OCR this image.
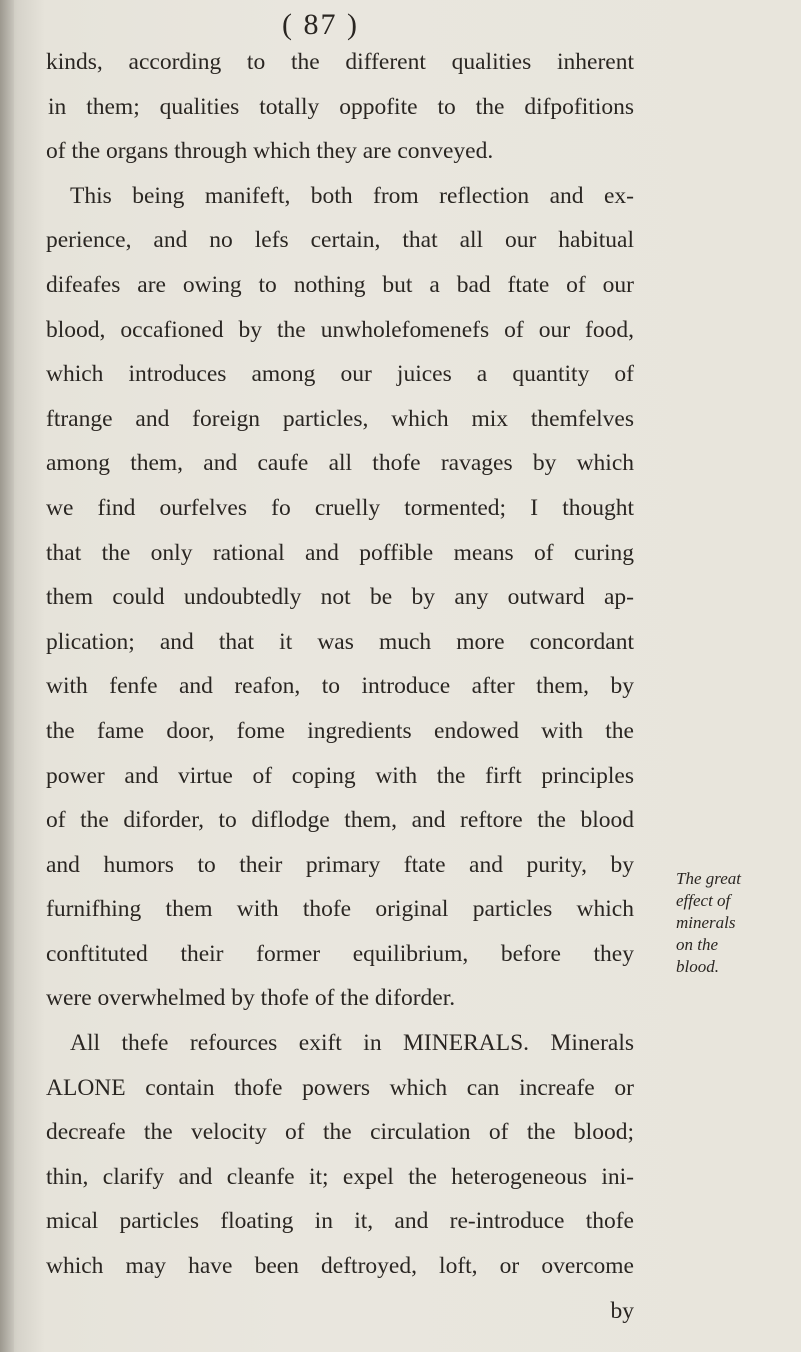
( 87 )
kinds, according to the different qualities inherent
in them; qualities totally oppofite to the difpofitions
of the organs through which they are conveyed.
This being manifeft, both from reflection and ex-
perience, and no lefs certain, that all our habitual
difeafes are owing to nothing but a bad ftate of our
blood, occafioned by the unwholefomenefs of our food,
which introduces among our juices a quantity of
ftrange and foreign particles, which mix themfelves
among them, and caufe all thofe ravages by which
we find ourfelves fo cruelly tormented; I thought
that the only rational and poffible means of curing
them could undoubtedly not be by any outward ap-
plication; and that it was much more concordant
with fenfe and reafon, to introduce after them, by
the fame door, fome ingredients endowed with the
power and virtue of coping with the firft principles
of the diforder, to diflodge them, and reftore the blood
and humors to their primary ftate and purity, by
furnifhing them with thofe original particles which
conftituted their former equilibrium, before they
were overwhelmed by thofe of the diforder.
All thefe refources exift in MINERALS. Minerals
ALONE contain thofe powers which can increafe or
decreafe the velocity of the circulation of the blood;
thin, clarify and cleanfe it; expel the heterogeneous ini-
mical particles floating in it, and re-introduce thofe
which may have been deftroyed, loft, or overcome
by
The great
effect of
minerals
on the
blood.
